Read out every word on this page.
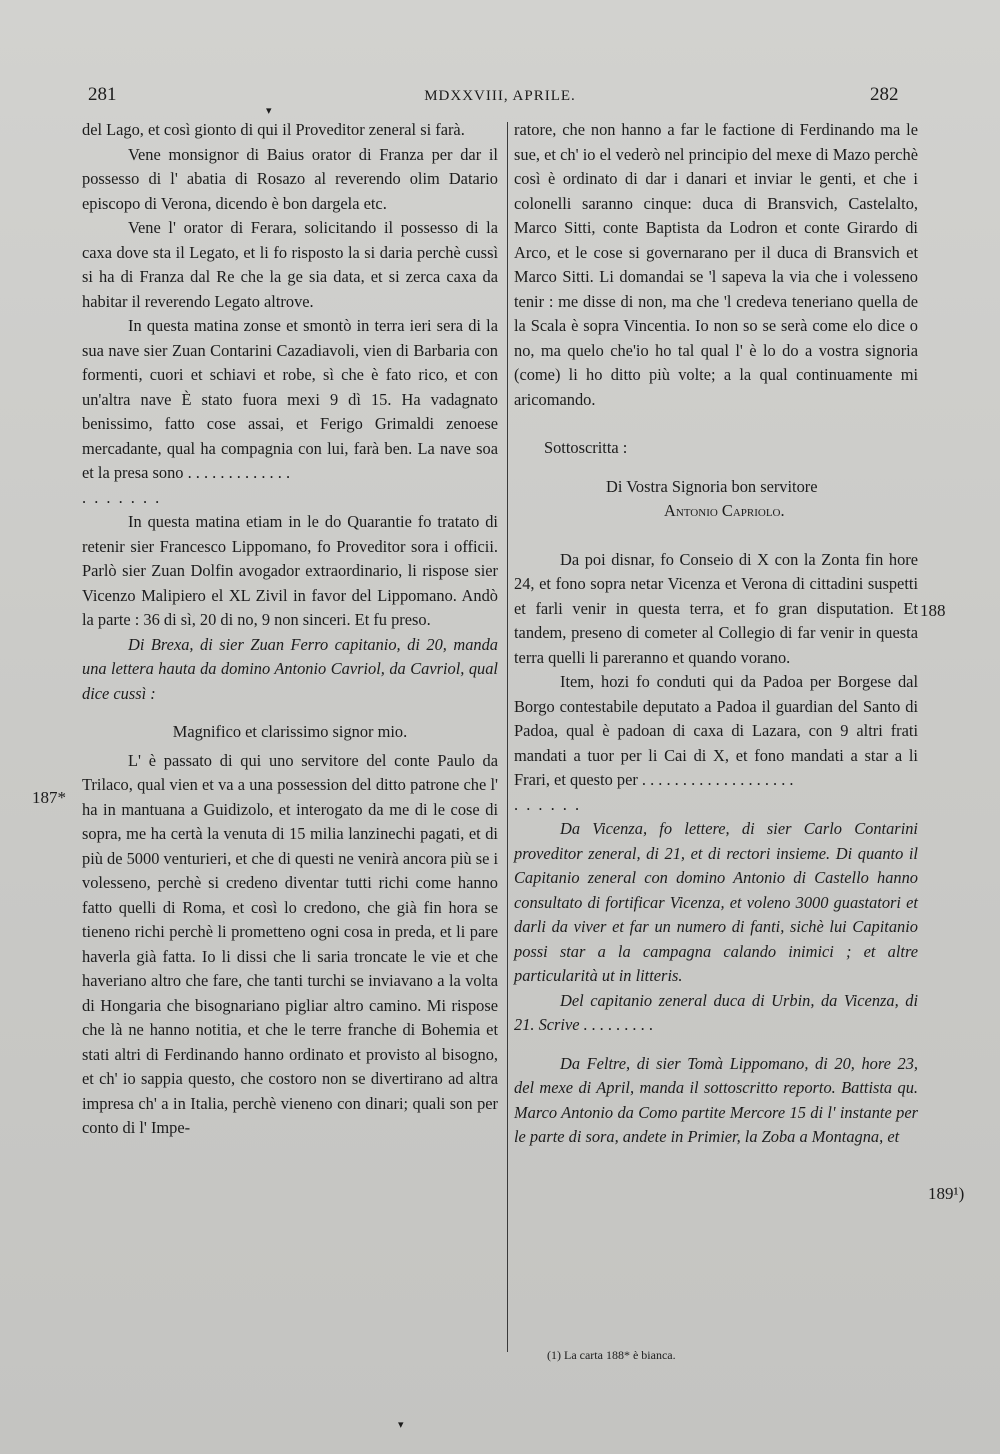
281	MDXXVIII, APRILE.	282
187*
188
189¹)

del Lago, et così gionto di qui il Proveditor zeneral si farà.

Vene monsignor di Baius orator di Franza per dar il possesso di l' abatia di Rosazo al reverendo olim Datario episcopo di Verona, dicendo è bon dargela etc.

Vene l' orator di Ferara, solicitando il possesso di la caxa dove sta il Legato, et li fo risposto la si daria perchè cussì si ha di Franza dal Re che la ge sia data, et si zerca caxa da habitar il reverendo Legato altrove.

In questa matina zonse et smontò in terra ieri sera di la sua nave sier Zuan Contarini Cazadiavoli, vien di Barbaria con formenti, cuori et schiavi et robe, sì che è fato rico, et con un'altra nave È stato fuora mexi 9 dì 15. Ha vadagnato benissimo, fatto cose assai, et Ferigo Grimaldi zenoese mercadante, qual ha compagnia con lui, farà ben. La nave soa et la presa sono . . . . . . . . . . . . .

. . . . . . .

In questa matina etiam in le do Quarantie fo tratato di retenir sier Francesco Lippomano, fo Proveditor sora i officii. Parlò sier Zuan Dolfin avogador extraordinario, li rispose sier Vicenzo Malipiero el XL Zivil in favor del Lippomano. Andò la parte : 36 di sì, 20 di no, 9 non sinceri. Et fu preso.

Di Brexa, di sier Zuan Ferro capitanio, di 20, manda una lettera hauta da domino Antonio Cavriol, da Cavriol, qual dice cussì :

Magnifico et clarissimo signor mio.

L' è passato di qui uno servitore del conte Paulo da Trilaco, qual vien et va a una possession del ditto patrone che l' ha in mantuana a Guidizolo, et interogato da me di le cose di sopra, me ha certà la venuta di 15 milia lanzinechi pagati, et di più de 5000 venturieri, et che di questi ne venirà ancora più se i volesseno, perchè si credeno diventar tutti richi come hanno fatto quelli di Roma, et così lo credono, che già fin hora se tieneno richi perchè li prometteno ogni cosa in preda, et li pare haverla già fatta. Io li dissi che li saria troncate le vie et che haveriano altro che fare, che tanti turchi se inviavano a la volta di Hongaria che bisognariano pigliar altro camino. Mi rispose che là ne hanno notitia, et che le terre franche di Bohemia et stati altri di Ferdinando hanno ordinato et provisto al bisogno, et ch' io sappia questo, che costoro non se divertirano ad altra impresa ch' a in Italia, perchè vieneno con dinari; quali son per conto di l' Impe-

ratore, che non hanno a far le factione di Ferdinando ma le sue, et ch' io el vederò nel principio del mexe di Mazo perchè così è ordinato di dar i danari et inviar le genti, et che i colonelli saranno cinque: duca di Bransvich, Castelalto, Marco Sitti, conte Baptista da Lodron et conte Girardo di Arco, et le cose si governarano per il duca di Bransvich et Marco Sitti. Li domandai se 'l sapeva la via che i volesseno tenir : me disse di non, ma che 'l credeva teneriano quella de la Scala è sopra Vincentia. Io non so se serà come elo dice o no, ma quelo che'io ho tal qual l' è lo do a vostra signoria (come) li ho ditto più volte; a la qual continuamente mi aricomando.

Sottoscritta :

Di Vostra Signoria bon servitore

Antonio Capriolo.

Da poi disnar, fo Conseio di X con la Zonta fin hore 24, et fono sopra netar Vicenza et Verona di cittadini suspetti et farli venir in questa terra, et fo gran disputation. Et tandem, preseno di cometer al Collegio di far venir in questa terra quelli li pareranno et quando vorano.

Item, hozi fo conduti qui da Padoa per Borgese dal Borgo contestabile deputato a Padoa il guardian del Santo di Padoa, qual è padoan di caxa di Lazara, con 9 altri frati mandati a tuor per li Cai di X, et fono mandati a star a li Frari, et questo per . . . . . . . . . . . . . . . . . . .

. . . . . .

Da Vicenza, fo lettere, di sier Carlo Contarini proveditor zeneral, di 21, et di rectori insieme. Di quanto il Capitanio zeneral con domino Antonio di Castello hanno consultato di fortificar Vicenza, et voleno 3000 guastatori et darli da viver et far un numero di fanti, sichè lui Capitanio possi star a la campagna calando inimici ; et altre particularità ut in litteris.

Del capitanio zeneral duca di Urbin, da Vicenza, di 21. Scrive . . . . . . . . .

Da Feltre, di sier Tomà Lippomano, di 20, hore 23, del mexe di April, manda il sottoscritto reporto. Battista qu. Marco Antonio da Como partite Mercore 15 di l' instante per le parte di sora, andete in Primier, la Zoba a Montagna, et

(1) La carta 188* è bianca.
▾
▾
